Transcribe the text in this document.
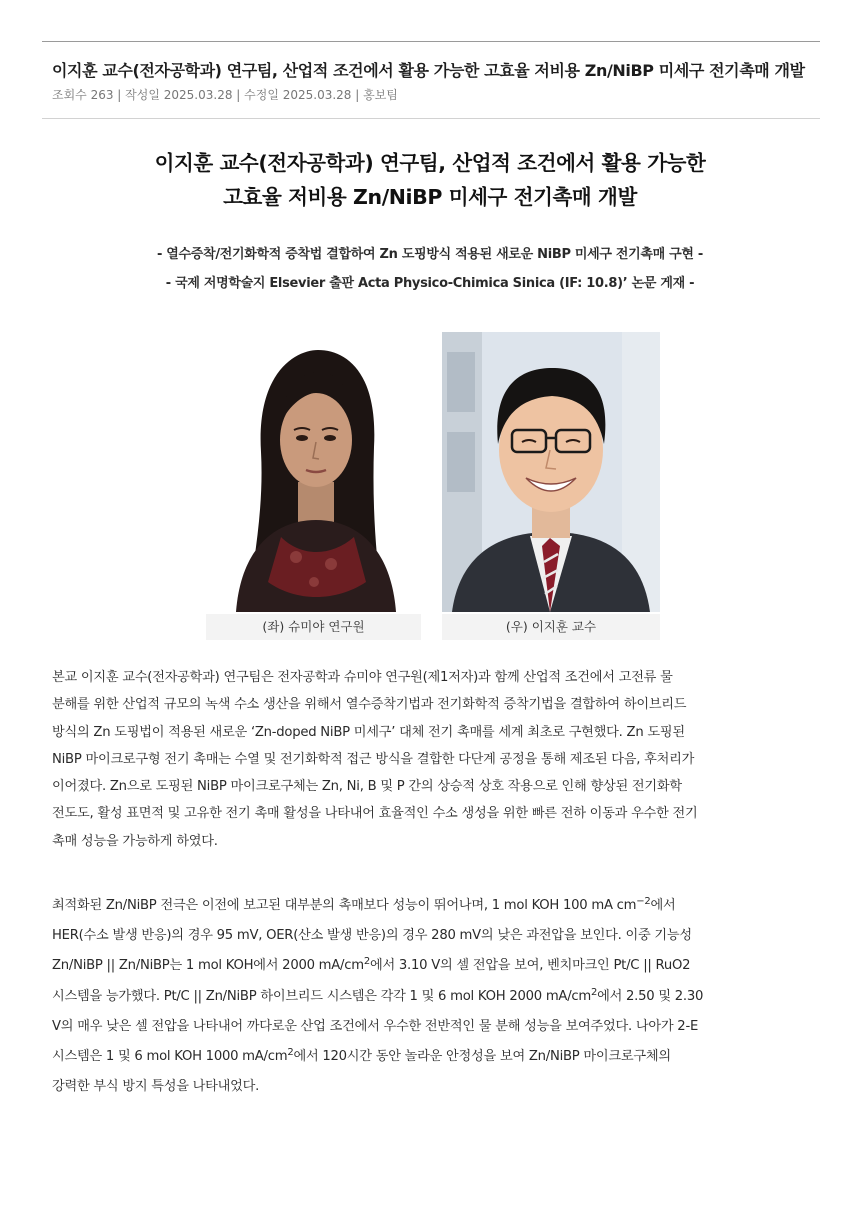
이지훈 교수(전자공학과) 연구팀, 산업적 조건에서 활용 가능한 고효율 저비용 Zn/NiBP 미세구 전기촉매 개발
조회수 263 | 작성일 2025.03.28 | 수정일 2025.03.28 | 홍보팀
이지훈 교수(전자공학과) 연구팀, 산업적 조건에서 활용 가능한
고효율 저비용 Zn/NiBP 미세구 전기촉매 개발
- 열수증착/전기화학적 증착법 결합하여 Zn 도핑방식 적용된 새로운 NiBP 미세구 전기촉매 구현 -
- 국제 저명학술지 Elsevier 출판 Acta Physico-Chimica Sinica (IF: 10.8)’ 논문 게재 -
(좌) 슈미야 연구원	(우) 이지훈 교수
본교 이지훈 교수(전자공학과) 연구팀은 전자공학과 슈미야 연구원(제1저자)과 함께 산업적 조건에서 고전류 물
분해를 위한 산업적 규모의 녹색 수소 생산을 위해서 열수증착기법과 전기화학적 증착기법을 결합하여 하이브리드
방식의 Zn 도핑법이 적용된 새로운 ‘Zn-doped NiBP 미세구’ 대체 전기 촉매를 세계 최초로 구현했다. Zn 도핑된
NiBP 마이크로구형 전기 촉매는 수열 및 전기화학적 접근 방식을 결합한 다단계 공정을 통해 제조된 다음, 후처리가
이어졌다. Zn으로 도핑된 NiBP 마이크로구체는 Zn, Ni, B 및 P 간의 상승적 상호 작용으로 인해 향상된 전기화학
전도도, 활성 표면적 및 고유한 전기 촉매 활성을 나타내어 효율적인 수소 생성을 위한 빠른 전하 이동과 우수한 전기
촉매 성능을 가능하게 하였다.
최적화된 Zn/NiBP 전극은 이전에 보고된 대부분의 촉매보다 성능이 뛰어나며, 1 mol KOH 100 mA $cm^{-2}$에서
HER(수소 발생 반응)의 경우 95 mV, OER(산소 발생 반응)의 경우 280 mV의 낮은 과전압을 보인다. 이중 기능성
Zn/NiBP || Zn/NiBP는 1 mol KOH에서 2000 $mA/cm^2$에서 3.10 V의 셀 전압을 보여, 벤치마크인 Pt/C || RuO2
시스템을 능가했다. Pt/C || Zn/NiBP 하이브리드 시스템은 각각 1 및 6 mol KOH 2000 $mA/cm^2$에서 2.50 및 2.30
V의 매우 낮은 셀 전압을 나타내어 까다로운 산업 조건에서 우수한 전반적인 물 분해 성능을 보여주었다. 나아가 2-E
시스템은 1 및 6 mol KOH 1000 $mA/cm^2$에서 120시간 동안 놀라운 안정성을 보여 Zn/NiBP 마이크로구체의
강력한 부식 방지 특성을 나타내었다.
